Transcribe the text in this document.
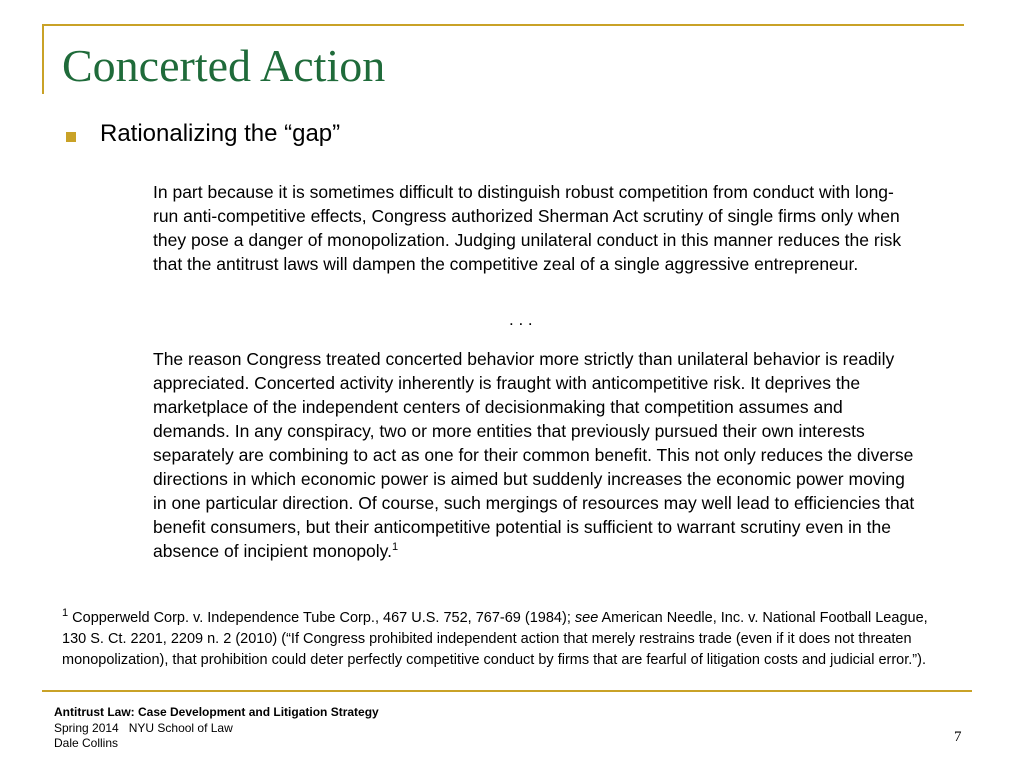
Concerted Action
Rationalizing the “gap”

In part because it is sometimes difficult to distinguish robust competition from conduct with long-run anti-competitive effects, Congress authorized Sherman Act scrutiny of single firms only when they pose a danger of monopolization. Judging unilateral conduct in this manner reduces the risk that the antitrust laws will dampen the competitive zeal of a single aggressive entrepreneur.

. . .

The reason Congress treated concerted behavior more strictly than unilateral behavior is readily appreciated. Concerted activity inherently is fraught with anticompetitive risk. It deprives the marketplace of the independent centers of decisionmaking that competition assumes and demands. In any conspiracy, two or more entities that previously pursued their own interests separately are combining to act as one for their common benefit. This not only reduces the diverse directions in which economic power is aimed but suddenly increases the economic power moving in one particular direction. Of course, such mergings of resources may well lead to efficiencies that benefit consumers, but their anticompetitive potential is sufficient to warrant scrutiny even in the absence of incipient monopoly.$^1$

$^1$ Copperweld Corp. v. Independence Tube Corp., 467 U.S. 752, 767-69 (1984); see American Needle, Inc. v. National Football League, 130 S. Ct. 2201, 2209 n. 2 (2010) (“If Congress prohibited independent action that merely restrains trade (even if it does not threaten monopolization), that prohibition could deter perfectly competitive conduct by firms that are fearful of litigation costs and judicial error.”).

Antitrust Law: Case Development and Litigation Strategy
Spring 2014   NYU School of Law
Dale Collins	7
